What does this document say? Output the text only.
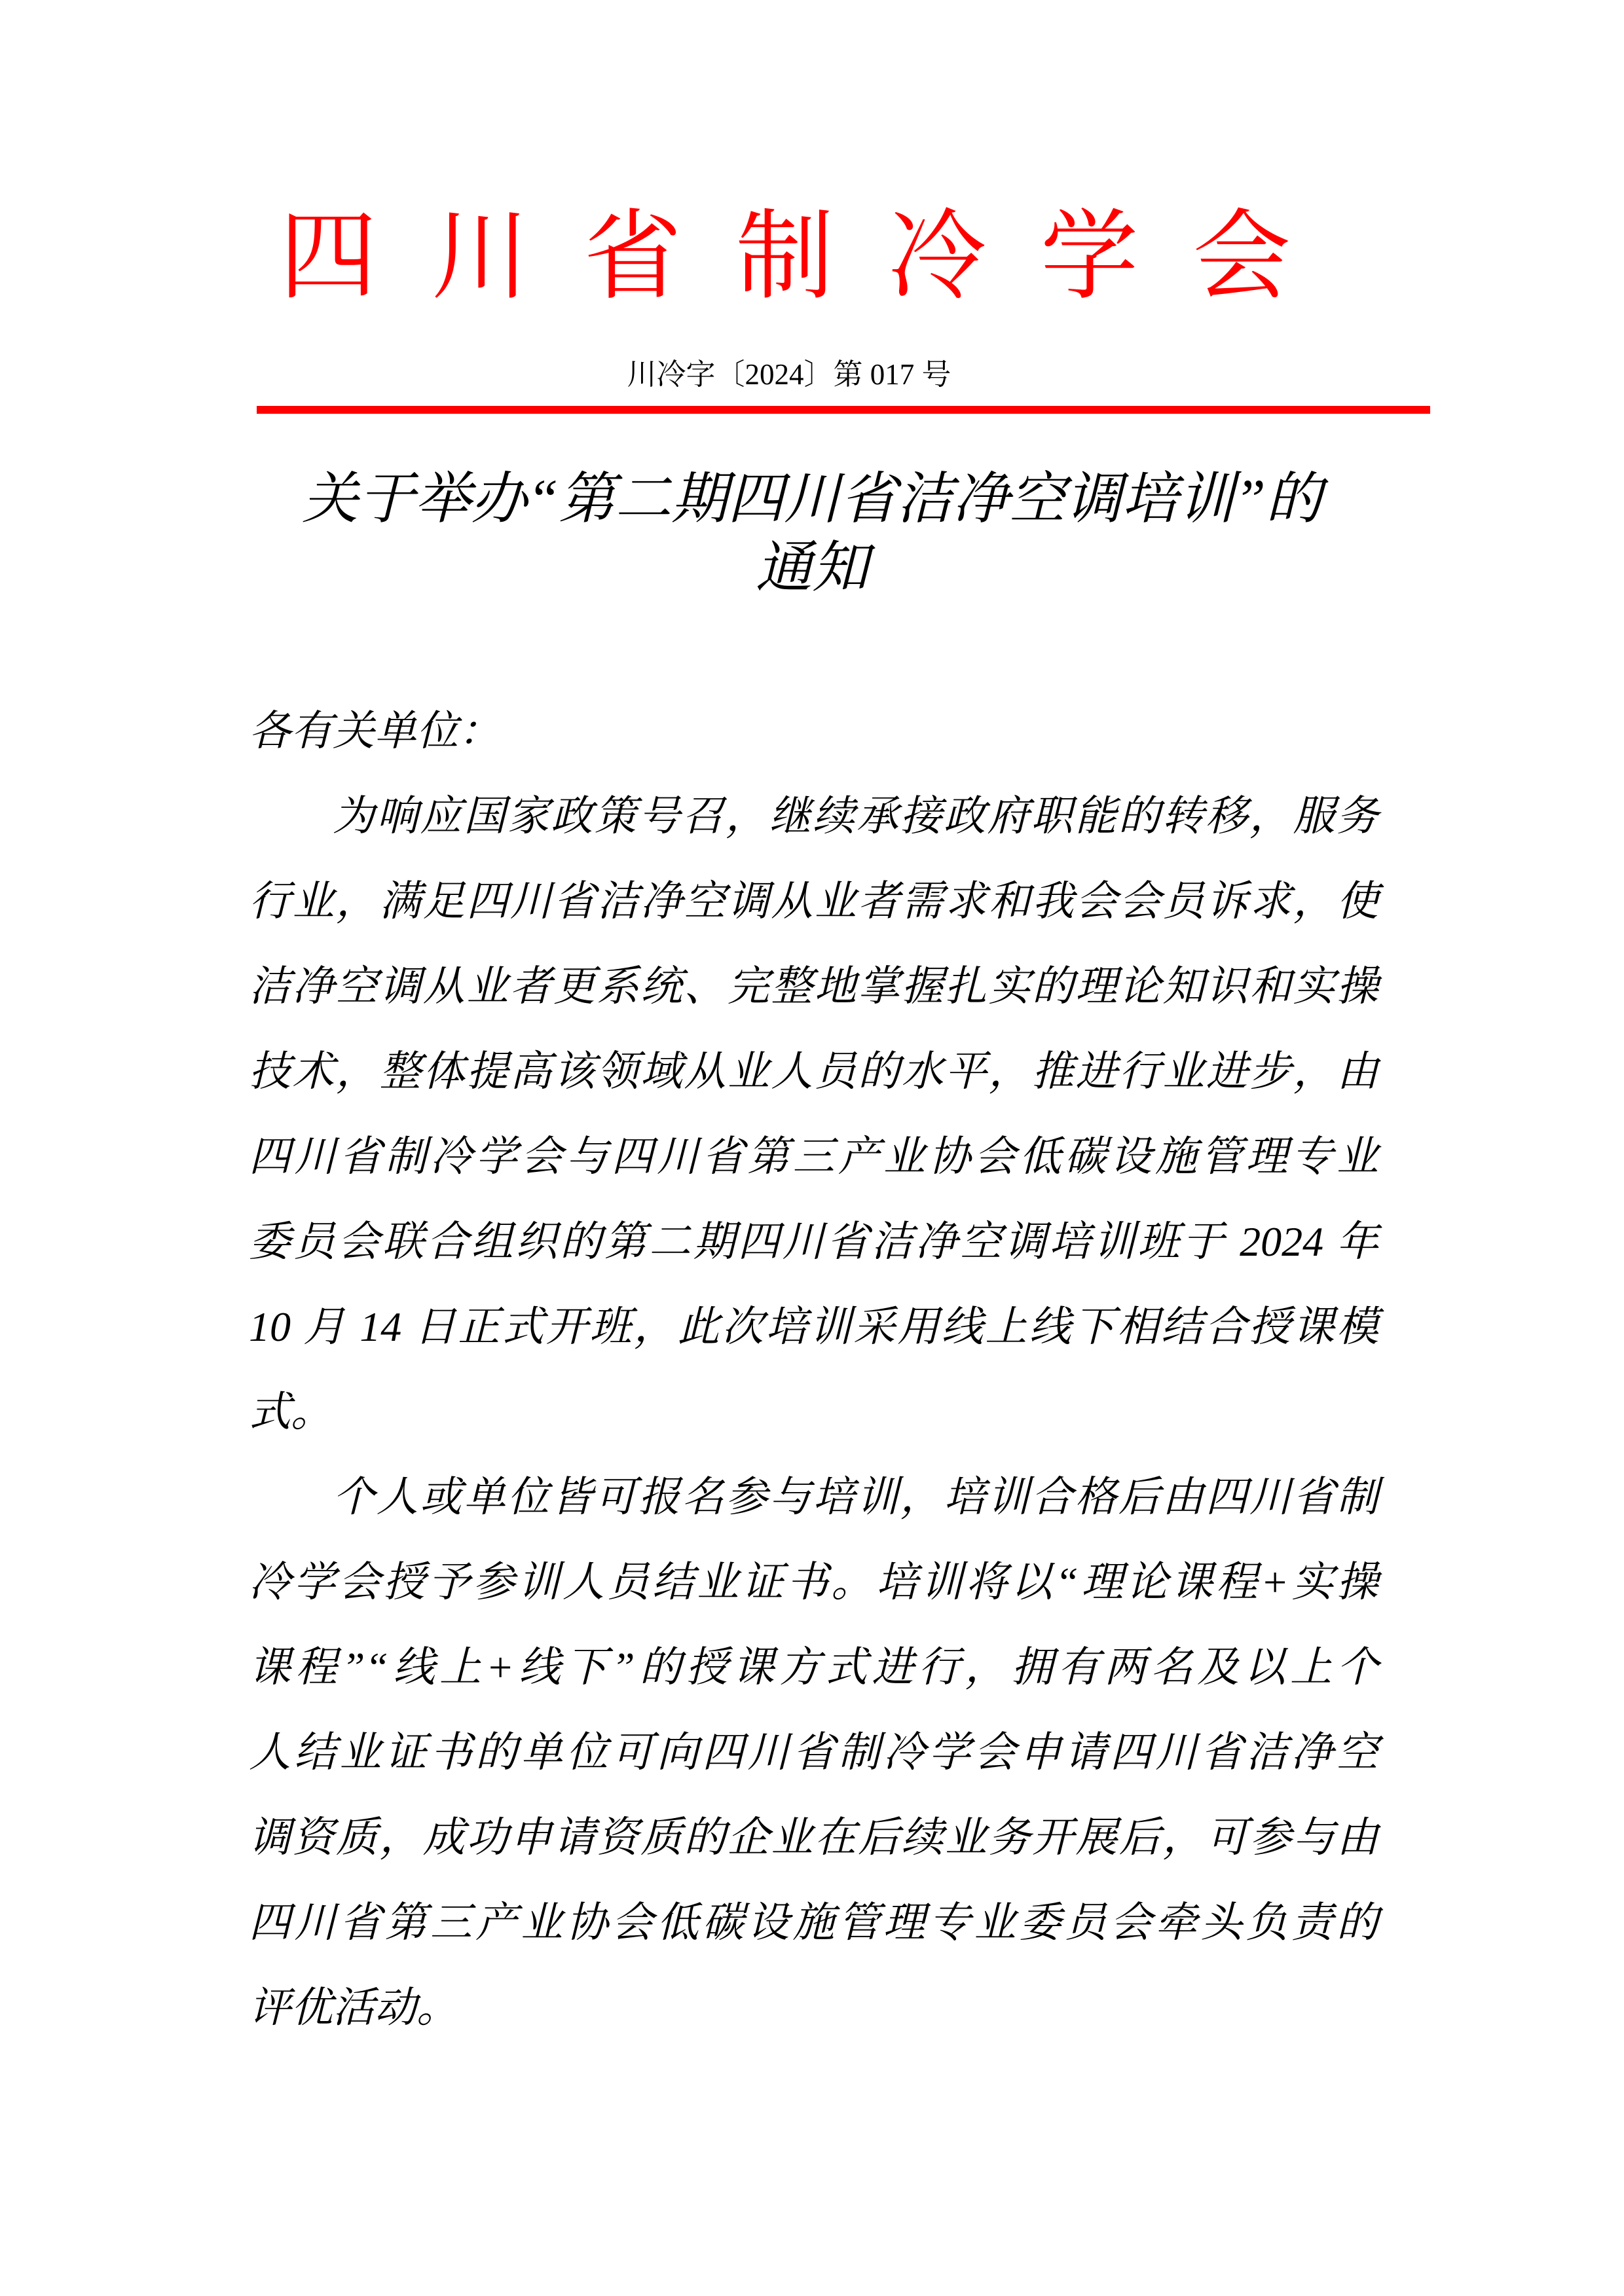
四川省制冷学会
川冷字〔2024〕第 017 号
关于举办“第二期四川省洁净空调培训”的
通知
各有关单位：
为响应国家政策号召，继续承接政府职能的转移，服务
行业，满足四川省洁净空调从业者需求和我会会员诉求，使
洁净空调从业者更系统、完整地掌握扎实的理论知识和实操
技术，整体提高该领域从业人员的水平，推进行业进步，由
四川省制冷学会与四川省第三产业协会低碳设施管理专业
委员会联合组织的第二期四川省洁净空调培训班于 2024 年
10 月 14 日正式开班，此次培训采用线上线下相结合授课模
式。
个人或单位皆可报名参与培训，培训合格后由四川省制
冷学会授予参训人员结业证书。培训将以“理论课程+实操
课程”“线上+线下”的授课方式进行，拥有两名及以上个
人结业证书的单位可向四川省制冷学会申请四川省洁净空
调资质，成功申请资质的企业在后续业务开展后，可参与由
四川省第三产业协会低碳设施管理专业委员会牵头负责的
评优活动。
